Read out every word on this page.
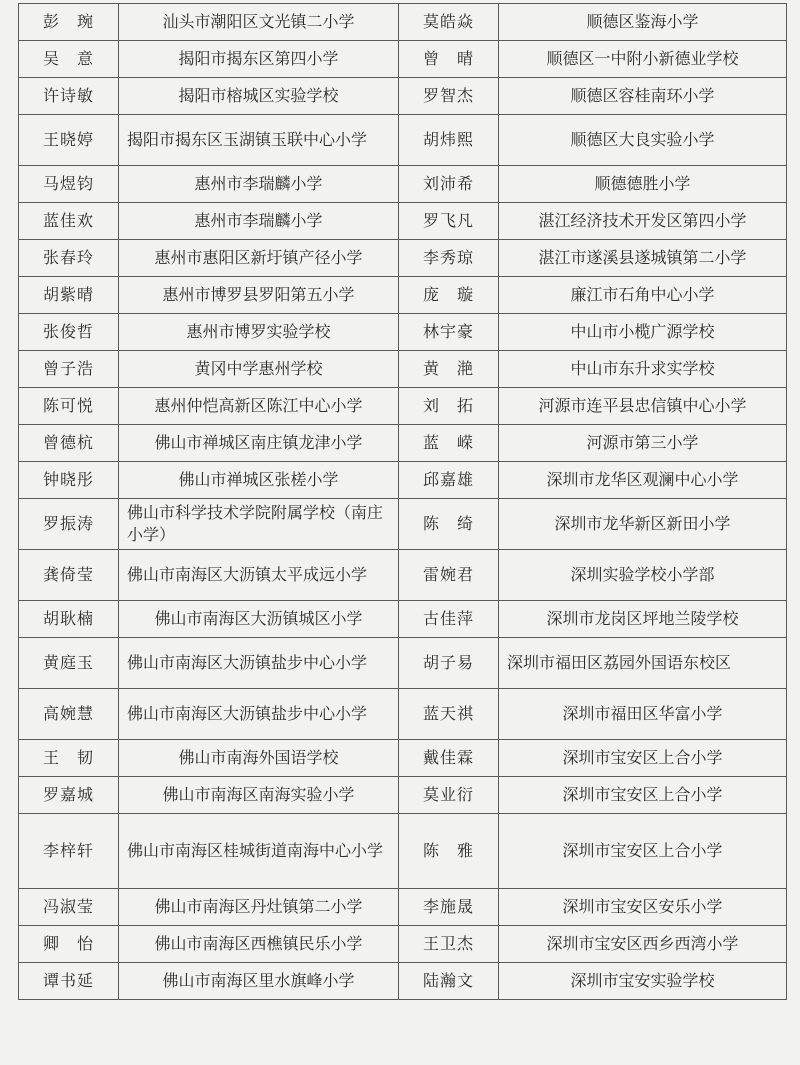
彭　琬	汕头市潮阳区文光镇二小学	莫皓焱	顺德区鉴海小学
吴　意	揭阳市揭东区第四小学	曾　晴	顺德区一中附小新德业学校
许诗敏	揭阳市榕城区实验学校	罗智杰	顺德区容桂南环小学
王晓婷	揭阳市揭东区玉湖镇玉联中心小学	胡炜熙	顺德区大良实验小学
马煜钧	惠州市李瑞麟小学	刘沛希	顺德德胜小学
蓝佳欢	惠州市李瑞麟小学	罗飞凡	湛江经济技术开发区第四小学
张春玲	惠州市惠阳区新圩镇产径小学	李秀琼	湛江市遂溪县遂城镇第二小学
胡紫晴	惠州市博罗县罗阳第五小学	庞　璇	廉江市石角中心小学
张俊哲	惠州市博罗实验学校	林宇豪	中山市小榄广源学校
曾子浩	黄冈中学惠州学校	黄　滟	中山市东升求实学校
陈可悦	惠州仲恺高新区陈江中心小学	刘　拓	河源市连平县忠信镇中心小学
曾德杭	佛山市禅城区南庄镇龙津小学	蓝　嵘	河源市第三小学
钟晓彤	佛山市禅城区张槎小学	邱嘉雄	深圳市龙华区观澜中心小学
罗振涛	佛山市科学技术学院附属学校（南庄小学）	陈　绮	深圳市龙华新区新田小学
龚倚莹	佛山市南海区大沥镇太平成远小学	雷婉君	深圳实验学校小学部
胡耿楠	佛山市南海区大沥镇城区小学	古佳萍	深圳市龙岗区坪地兰陵学校
黄庭玉	佛山市南海区大沥镇盐步中心小学	胡子易	深圳市福田区荔园外国语东校区
高婉慧	佛山市南海区大沥镇盐步中心小学	蓝天祺	深圳市福田区华富小学
王　韧	佛山市南海外国语学校	戴佳霖	深圳市宝安区上合小学
罗嘉城	佛山市南海区南海实验小学	莫业衍	深圳市宝安区上合小学
李梓轩	佛山市南海区桂城街道南海中心小学	陈　雅	深圳市宝安区上合小学
冯淑莹	佛山市南海区丹灶镇第二小学	李施晟	深圳市宝安区安乐小学
卿　怡	佛山市南海区西樵镇民乐小学	王卫杰	深圳市宝安区西乡西湾小学
谭书延	佛山市南海区里水旗峰小学	陆瀚文	深圳市宝安实验学校
